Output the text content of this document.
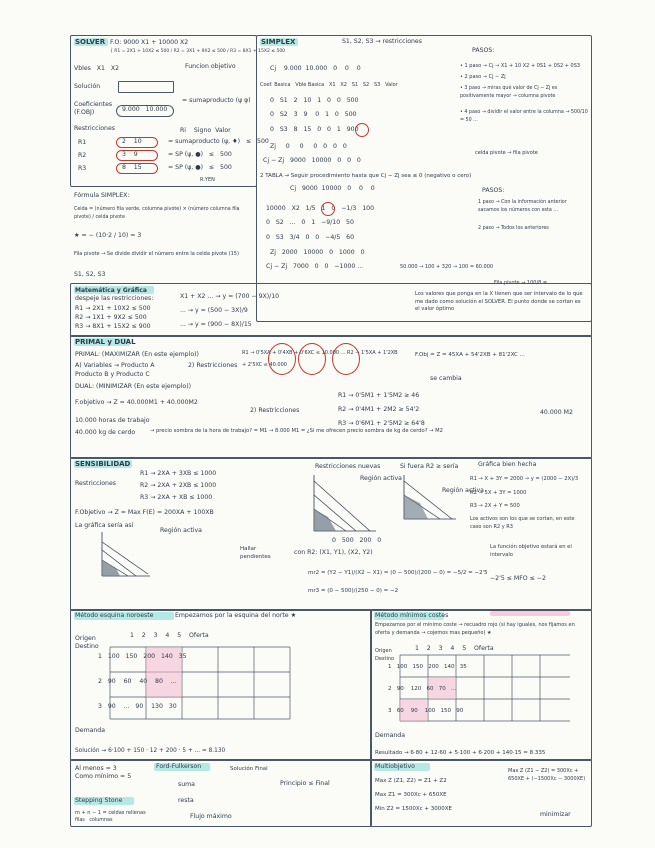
SOLVER F.O: 9000 X1 + 10000 X2
{ R1 = 2X1 + 10X2 ≤ 500 / R2 = 3X1 + 9X2 ≤ 500 / R3 = 8X1 + 15X2 ≤ 500
Vbles   X1   X2	Funcion objetivo
Solución
Coeficientes
(F.OBJ)	9.000   10.000
= sumaproducto (ψ φ)
Restricciones	Ri    Signo  Valor
R1	2    10	= sumaproducto (ψ, ♦)   ≤   500
R2	3    9	= SP (ψ, ●)   ≤   500
R3	8    15	= SP (ψ, ●)   ≤   500
R.YEN
SIMPLEX	S1, S2, S3 → restricciones
PASOS:
• 1 paso → Cj → X1 + 10 X2 + 0S1 + 0S2 + 0S3
• 2 paso → Cj − Zj
• 3 paso → miras qué valor de Cj − Zj es positivamente mayor → columna pivote
• 4 paso → dividir el valor entre la columna → 500/10 = 50 ...
celda pivote → fila pivote
Cj    9.000  10.000   0    0    0
Coef. Basica   Vble Basica   X1   X2   S1   S2   S3   Valor
0   S1   2   10   1   0   0   500
0   S2   3   9    0   1   0   500
0   S3   8   15   0   0   1   900
Zj     0     0     0   0   0   0
Cj − Zj   9000   10000   0   0   0
2 TABLA → Seguir procedimiento hasta que Cj − Zj sea ≤ 0 (negativo o cero)
PASOS:
1 paso → Con la información anterior sacamos los números con esta ...
2 paso → Todos los anteriores
Cj   9000  10000   0    0    0
10000   X2   1/5   1   0   −1/3   100
0   S2   ...   0   1   −9/10   50
0   S3   3/4   0   0   −4/5   60
Zj   2000   10000   0   1000   0
Cj − Zj   7000   0   0   −1000 ...
Fórmula SIMPLEX:
Celda = (número fila verde, columna pivote) × (número columna fila pivote) / celda pivote
★ = − (10·2 / 10) = 3
Fila pivote → Se divide dividir el número entre la celda pivote (15)
S1, S2, S3
Fila pivote → 100/8 = ...
50.000 → 100 + 320 → 100 = 60.000
Matemática y Gráfica
despeje las restricciones:
R1 → 2X1 + 10X2 ≤ 500
R2 → 1X1 + 9X2 ≤ 500
R3 → 8X1 + 15X2 ≤ 900
X1 + X2 ... → y = (700 − 9X)/10
... → y = (500 − 3X)/9
... → y = (900 − 8X)/15
Los valores que ponga en la X tienen que ser intervalo de lo que me dado como solución el SOLVER. El punto donde se cortan es el valor óptimo
PRIMAL y DUAL
PRIMAL: (MAXIMIZAR (En este ejemplo))
A) Variables → Producto A
Producto B y Producto C
2) Restricciones
R1 → 0'5XA + 0'4XB + 0'6XC ≤ 10.000 ... R2 → 1'5XA + 1'2XB + 2'5XC ≤ 40.000
F.Obj = Z = 45XA + 54'2XB + 81'2XC ...
se cambia
DUAL: (MINIMIZAR (En este ejemplo))
F.objetivo → Z = 40.000M1 + 40.000M2
2) Restricciones
R1 → 0'5M1 + 1'5M2 ≥ 46
R2 → 0'4M1 + 2M2 ≥ 54'2
R3 → 0'6M1 + 2'5M2 ≥ 64'8
10.000 horas de trabajo
40.000 kg de cerdo	→ precio sombra de la hora de trabajo? = M1 → 8.000 M1 = ¿Si me ofrecen precio sombra de kg de cerdo? → M2
40.000 M2
SENSIBILIDAD
Restricciones
R1 → 2XA + 3XB ≤ 1000
R2 → 2XA + 2XB ≤ 1000
R3 → 2XA + XB ≤ 1000
F.Objetivo → Z = Max F(E) = 200XA + 100XB
La gráfica sería así
Región activa
Restricciones nuevas
Región activa
Si fuera R2 ≥ sería
Región activa
Gráfica bien hecha
R1 → X + 3Y = 2000 → y = (2000 − 2X)/3
R2 → 5X + 3Y = 1000
R3 → 2X + Y = 500
Los activos son los que se cortan, en este caso son R2 y R3
Hallar pendientes
0   500   200   0
con R2: (X1, Y1), (X2, Y2)
mr2 = (Y2 − Y1)/(X2 − X1) = (0 − 500)/(200 − 0) = −5/2 = −2'5
mr3 = (0 − 500)/(250 − 0) = −2
La función objetivo estará en el intervalo
−2'5 ≤ MFO ≤ −2
Método esquina noroeste	Empezamos por la esquina del norte ★
Origen
Destino
1    2    3    4    5    Oferta
1   100   150   200   140   35
2   90    60    40    80    ...
3   90    ...   90    130   30
Demanda
Solución → 6·100 + 150 · 12 + 200 · 5 + ... = 8.130
Método mínimos costes
Empezamos por el mínimo coste → recuadro rojo (si hay iguales, nos fijamos en oferta y demanda → cojemos mas pequeño) ★
Origen Destino
1    2    3    4    5    Oferta
1   100   150   200   140   35
2   90    120   60   70   ...
3   60    90    100   150   90
Demanda
Resultado → 6·80 + 12·60 + 5·100 + 6·200 + 140·15 = 8.335
Al menos = 3
Como mínimo = 5
Ford-Fulkerson
suma
resta
Solución Final
Principio ≤ Final
Flujo máximo
Stepping Stone
m + n − 1 = celdas rellenas
filas   columnas
Multiobjetivo
Max Z (Z1, Z2) = Z1 + Z2
Max Z1 = 300Xc + 650XE
Min Z2 = 1500Xc + 3000XE
Max Z (Z1 − Z2) = 300Xc + 650XE + (−1500Xc − 3000XE)
minimizar
